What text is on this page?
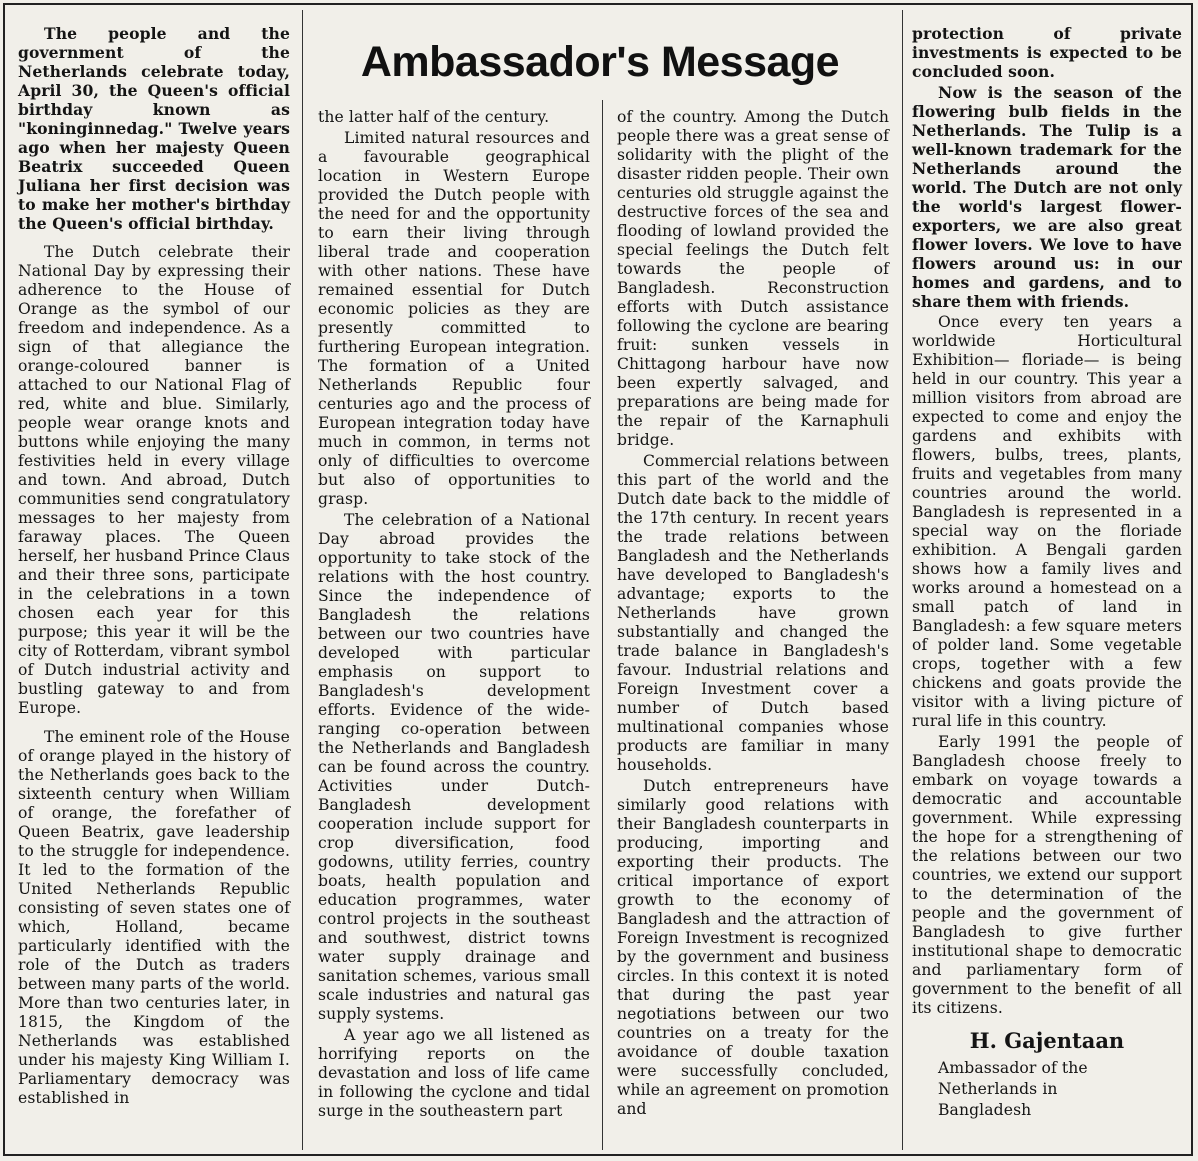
Ambassador's Message

The people and the government of the Netherlands celebrate today, April 30, the Queen's official birthday known as "koninginnedag." Twelve years ago when her majesty Queen Beatrix succeeded Queen Juliana her first decision was to make her mother's birthday the Queen's official birthday.

The Dutch celebrate their National Day by expressing their adherence to the House of Orange as the symbol of our freedom and independence. As a sign of that allegiance the orange-coloured banner is attached to our National Flag of red, white and blue. Similarly, people wear orange knots and buttons while enjoying the many festivities held in every village and town. And abroad, Dutch communities send congratulatory messages to her majesty from faraway places. The Queen herself, her husband Prince Claus and their three sons, participate in the celebrations in a town chosen each year for this purpose; this year it will be the city of Rotterdam, vibrant symbol of Dutch industrial activity and bustling gateway to and from Europe.

The eminent role of the House of orange played in the history of the Netherlands goes back to the sixteenth century when William of orange, the forefather of Queen Beatrix, gave leadership to the struggle for independence. It led to the formation of the United Netherlands Republic consisting of seven states one of which, Holland, became particularly identified with the role of the Dutch as traders between many parts of the world. More than two centuries later, in 1815, the Kingdom of the Netherlands was established under his majesty King William I. Parliamentary democracy was established in

the latter half of the century.

Limited natural resources and a favourable geographical location in Western Europe provided the Dutch people with the need for and the opportunity to earn their living through liberal trade and cooperation with other nations. These have remained essential for Dutch economic policies as they are presently committed to furthering European integration. The formation of a United Netherlands Republic four centuries ago and the process of European integration today have much in common, in terms not only of difficulties to overcome but also of opportunities to grasp.

The celebration of a National Day abroad provides the opportunity to take stock of the relations with the host country. Since the independence of Bangladesh the relations between our two countries have developed with particular emphasis on support to Bangladesh's development efforts. Evidence of the wide-ranging co-operation between the Netherlands and Bangladesh can be found across the country. Activities under Dutch-Bangladesh development cooperation include support for crop diversification, food godowns, utility ferries, country boats, health population and education programmes, water control projects in the southeast and southwest, district towns water supply drainage and sanitation schemes, various small scale industries and natural gas supply systems.

A year ago we all listened as horrifying reports on the devastation and loss of life came in following the cyclone and tidal surge in the southeastern part

of the country. Among the Dutch people there was a great sense of solidarity with the plight of the disaster ridden people. Their own centuries old struggle against the destructive forces of the sea and flooding of lowland provided the special feelings the Dutch felt towards the people of Bangladesh. Reconstruction efforts with Dutch assistance following the cyclone are bearing fruit: sunken vessels in Chittagong harbour have now been expertly salvaged, and preparations are being made for the repair of the Karnaphuli bridge.

Commercial relations between this part of the world and the Dutch date back to the middle of the 17th century. In recent years the trade relations between Bangladesh and the Netherlands have developed to Bangladesh's advantage; exports to the Netherlands have grown substantially and changed the trade balance in Bangladesh's favour. Industrial relations and Foreign Investment cover a number of Dutch based multinational companies whose products are familiar in many households.

Dutch entrepreneurs have similarly good relations with their Bangladesh counterparts in producing, importing and exporting their products. The critical importance of export growth to the economy of Bangladesh and the attraction of Foreign Investment is recognized by the government and business circles. In this context it is noted that during the past year negotiations between our two countries on a treaty for the avoidance of double taxation were successfully concluded, while an agreement on promotion and

protection of private investments is expected to be concluded soon.

Now is the season of the flowering bulb fields in the Netherlands. The Tulip is a well-known trademark for the Netherlands around the world. The Dutch are not only the world's largest flower-exporters, we are also great flower lovers. We love to have flowers around us: in our homes and gardens, and to share them with friends.

Once every ten years a worldwide Horticultural Exhibition— floriade— is being held in our country. This year a million visitors from abroad are expected to come and enjoy the gardens and exhibits with flowers, bulbs, trees, plants, fruits and vegetables from many countries around the world. Bangladesh is represented in a special way on the floriade exhibition. A Bengali garden shows how a family lives and works around a homestead on a small patch of land in Bangladesh: a few square meters of polder land. Some vegetable crops, together with a few chickens and goats provide the visitor with a living picture of rural life in this country.

Early 1991 the people of Bangladesh choose freely to embark on voyage towards a democratic and accountable government. While expressing the hope for a strengthening of the relations between our two countries, we extend our support to the determination of the people and the government of Bangladesh to give further institutional shape to democratic and parliamentary form of government to the benefit of all its citizens.

H. Gajentaan

Ambassador of the

Netherlands in

Bangladesh
